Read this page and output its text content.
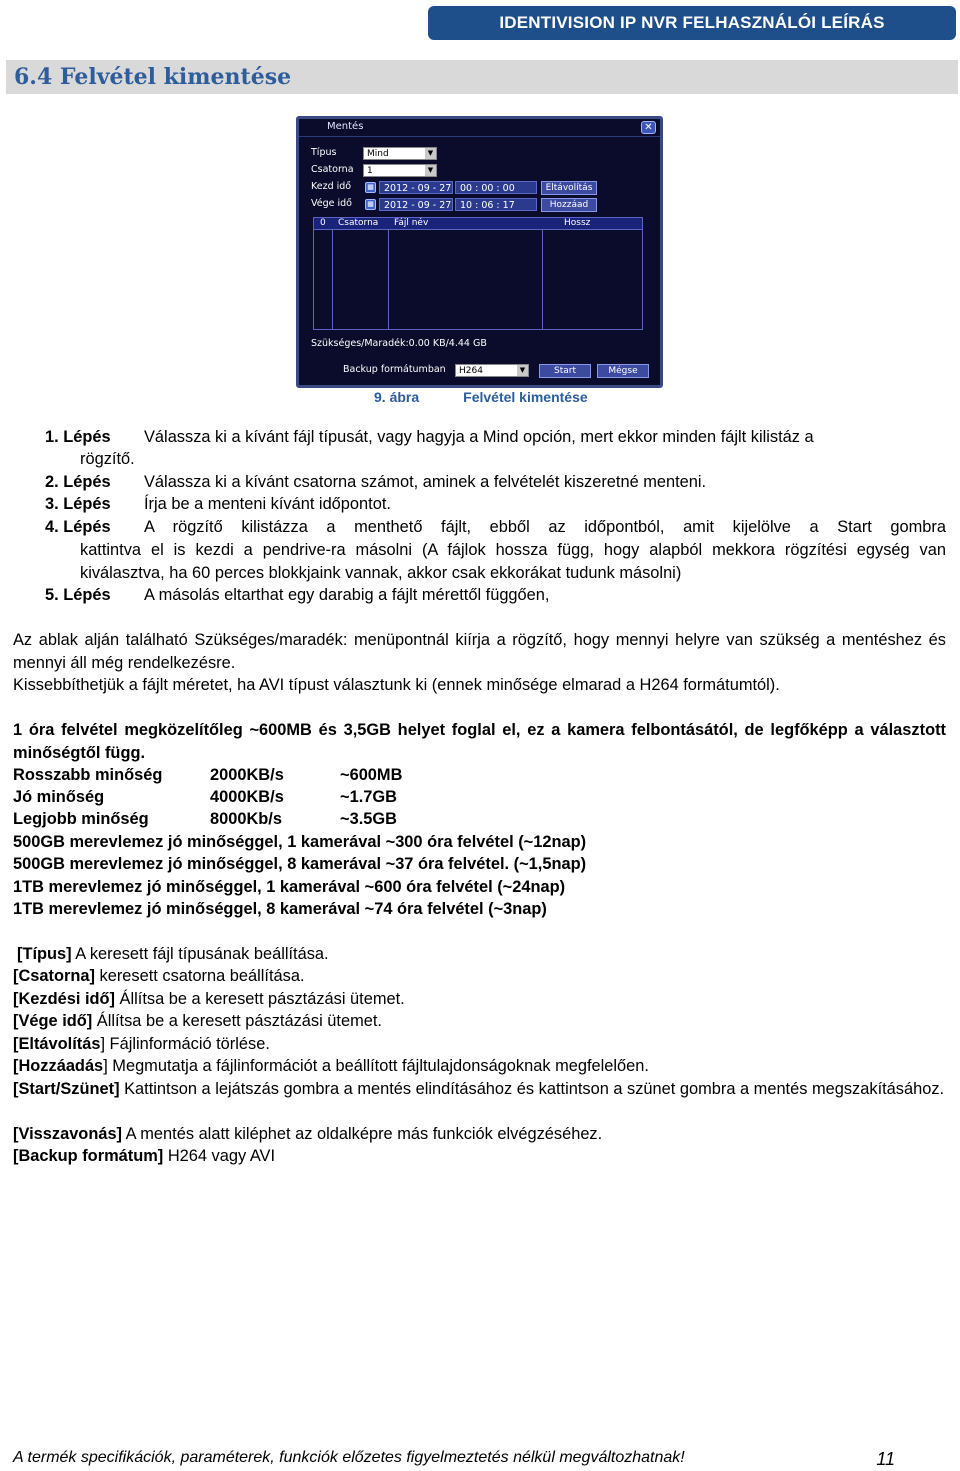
IDENTIVISION IP NVR FELHASZNÁLÓI LEÍRÁS
6.4 Felvétel kimentése
Mentés	✕
Típus	Mind	▼
Csatorna	1	▼
Kezd idő	▦	2012 - 09 - 27 00 : 00 : 00	Eltávolítás
Vége idő	▦	2012 - 09 - 27 10 : 06 : 17	Hozzáad
0 Csatorna Fájl név	Hossz
Szükséges/Maradék:0.00 KB/4.44 GB
Backup formátumban	H264	▼	Start	Mégse
9. ábra	Felvétel kimentése
1. Lépés Válassza ki a kívánt fájl típusát, vagy hagyja a Mind opción, mert ekkor minden fájlt kilistáz a
rögzítő.
2. Lépés Válassza ki a kívánt csatorna számot, aminek a felvételét kiszeretné menteni.
3. Lépés Írja be a menteni kívánt időpontot.
4. Lépés A rögzítő kilistázza a menthető fájlt, ebből az időpontból, amit kijelölve a Start gombra
kattintva el is kezdi a pendrive-ra másolni (A fájlok hossza függ, hogy alapból mekkora rögzítési egység van kiválasztva, ha 60 perces blokkjaink vannak, akkor csak ekkorákat tudunk másolni)
5. Lépés A másolás eltarthat egy darabig a fájlt mérettől függően,
Az ablak alján található Szükséges/maradék: menüpontnál kiírja a rögzítő, hogy mennyi helyre van szükség a mentéshez és mennyi áll még rendelkezésre.
Kissebbíthetjük a fájlt méretet, ha AVI típust választunk ki (ennek minősége elmarad a H264 formátumtól).
1 óra felvétel megközelítőleg ~600MB és 3,5GB helyet foglal el, ez a kamera felbontásától, de legfőképp a választott minőségtől függ.
Rosszabb minőség	2000KB/s	~600MB
Jó minőség	4000KB/s	~1.7GB
Legjobb minőség	8000Kb/s	~3.5GB
500GB merevlemez jó minőséggel, 1 kamerával ~300 óra felvétel (~12nap)
500GB merevlemez jó minőséggel, 8 kamerával ~37 óra felvétel. (~1,5nap)
1TB merevlemez jó minőséggel, 1 kamerával ~600 óra felvétel (~24nap)
1TB merevlemez jó minőséggel, 8 kamerával ~74 óra felvétel (~3nap)
[Típus] A keresett fájl típusának beállítása.
[Csatorna] keresett csatorna beállítása.
[Kezdési idő] Állítsa be a keresett pásztázási ütemet.
[Vége idő] Állítsa be a keresett pásztázási ütemet.
[Eltávolítás] Fájlinformáció törlése.
[Hozzáadás] Megmutatja a fájlinformációt a beállított fájltulajdonságoknak megfelelően.
[Start/Szünet] Kattintson a lejátszás gombra a mentés elindításához és kattintson a szünet gombra a mentés megszakításához.
[Visszavonás] A mentés alatt kiléphet az oldalképre más funkciók elvégzéséhez.
[Backup formátum] H264 vagy AVI
A termék specifikációk, paraméterek, funkciók előzetes figyelmeztetés nélkül megváltozhatnak!	11
